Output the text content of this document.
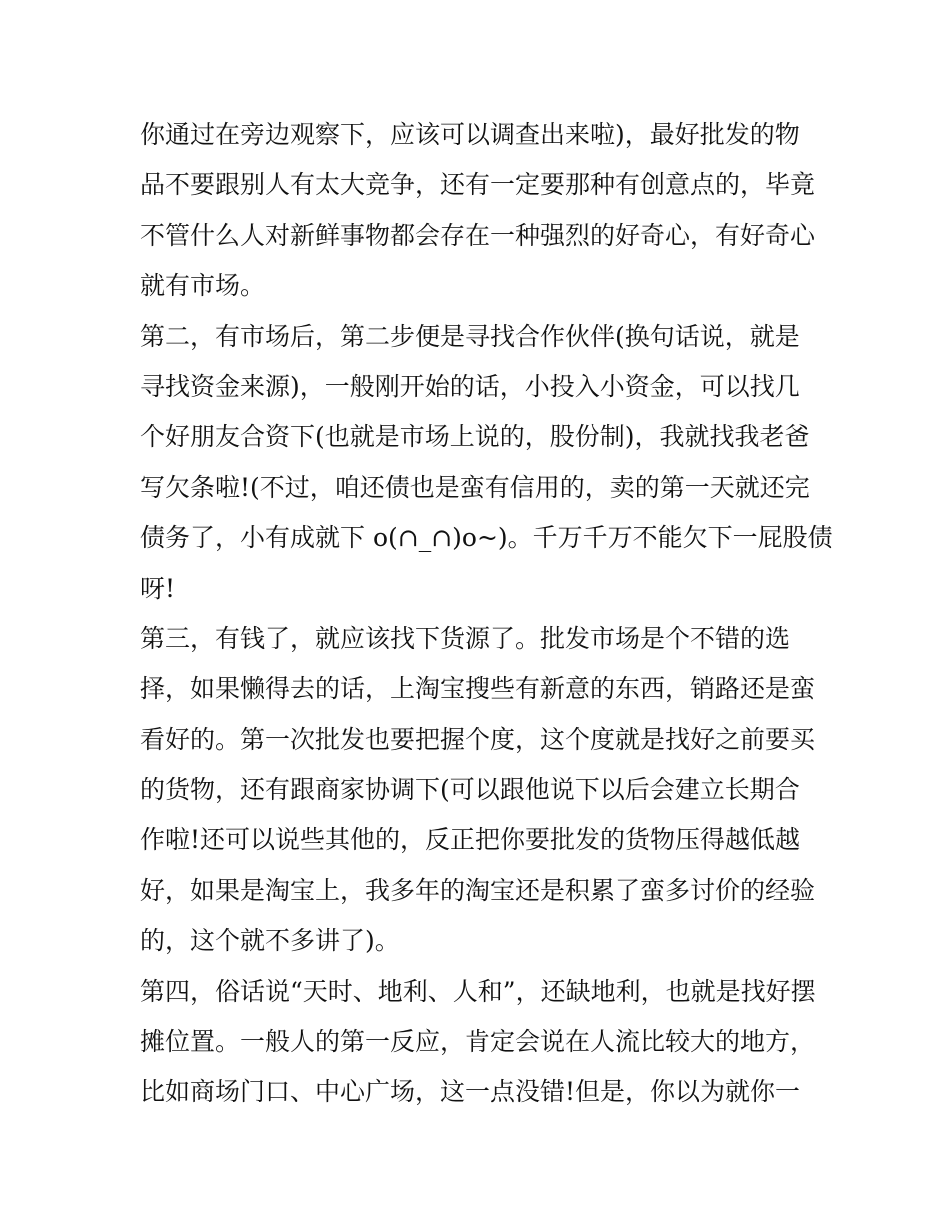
你通过在旁边观察下，应该可以调查出来啦)，最好批发的物
品不要跟别人有太大竞争，还有一定要那种有创意点的，毕竟
不管什么人对新鲜事物都会存在一种强烈的好奇心，有好奇心
就有市场。
第二，有市场后，第二步便是寻找合作伙伴(换句话说，就是
寻找资金来源)，一般刚开始的话，小投入小资金，可以找几
个好朋友合资下(也就是市场上说的，股份制)，我就找我老爸
写欠条啦!(不过，咱还债也是蛮有信用的，卖的第一天就还完
债务了，小有成就下 o(∩_∩)o~)。千万千万不能欠下一屁股债
呀!
第三，有钱了，就应该找下货源了。批发市场是个不错的选
择，如果懒得去的话，上淘宝搜些有新意的东西，销路还是蛮
看好的。第一次批发也要把握个度，这个度就是找好之前要买
的货物，还有跟商家协调下(可以跟他说下以后会建立长期合
作啦!还可以说些其他的，反正把你要批发的货物压得越低越
好，如果是淘宝上，我多年的淘宝还是积累了蛮多讨价的经验
的，这个就不多讲了)。
第四，俗话说“天时、地利、人和”，还缺地利，也就是找好摆
摊位置。一般人的第一反应，肯定会说在人流比较大的地方，
比如商场门口、中心广场，这一点没错!但是，你以为就你一
